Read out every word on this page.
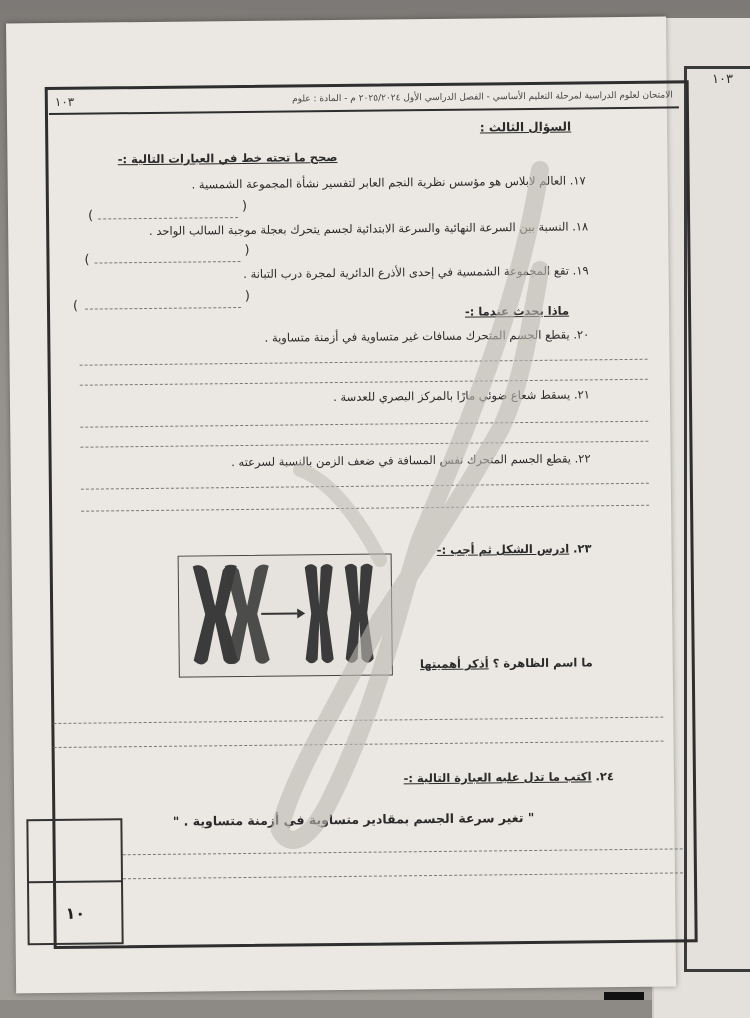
١٠٣
الامتحان لعلوم الدراسية لمرحلة التعليم الأساسي - الفصل الدراسي الأول ٢٠٢٥/٢٠٢٤ م - المادة : علوم
١٠٣
السؤال الثالث :
صحح ما تحته خط في العبارات التالية :-
١٧. العالم لابلاس هو مؤسس نظرية النجم العابر لتفسير نشأة المجموعة الشمسية .
)
(
١٨. النسبة بين السرعة النهائية والسرعة الابتدائية لجسم يتحرك بعجلة موجبة السالب الواحد .
)
(
١٩. تقع المجموعة الشمسية في إحدى الأذرع الدائرية لمجرة درب التبانة .
)
(	ماذا يحدث عندما :-
٢٠. يقطع الجسم المتحرك مسافات غير متساوية في أزمنة متساوية .
٢١. يسقط شعاع ضوئي مارًا بالمركز البصري للعدسة .
٢٢. يقطع الجسم المتحرك نفس المسافة في ضعف الزمن بالنسبة لسرعته .
٢٣. ادرس الشكل ثم أجب :-
ما اسم الظاهرة ؟ أذكر أهميتها
٢٤. اكتب ما تدل عليه العبارة التالية :-
" تغير سرعة الجسم بمقادير متساوية في أزمنة متساوية . "
١٠
